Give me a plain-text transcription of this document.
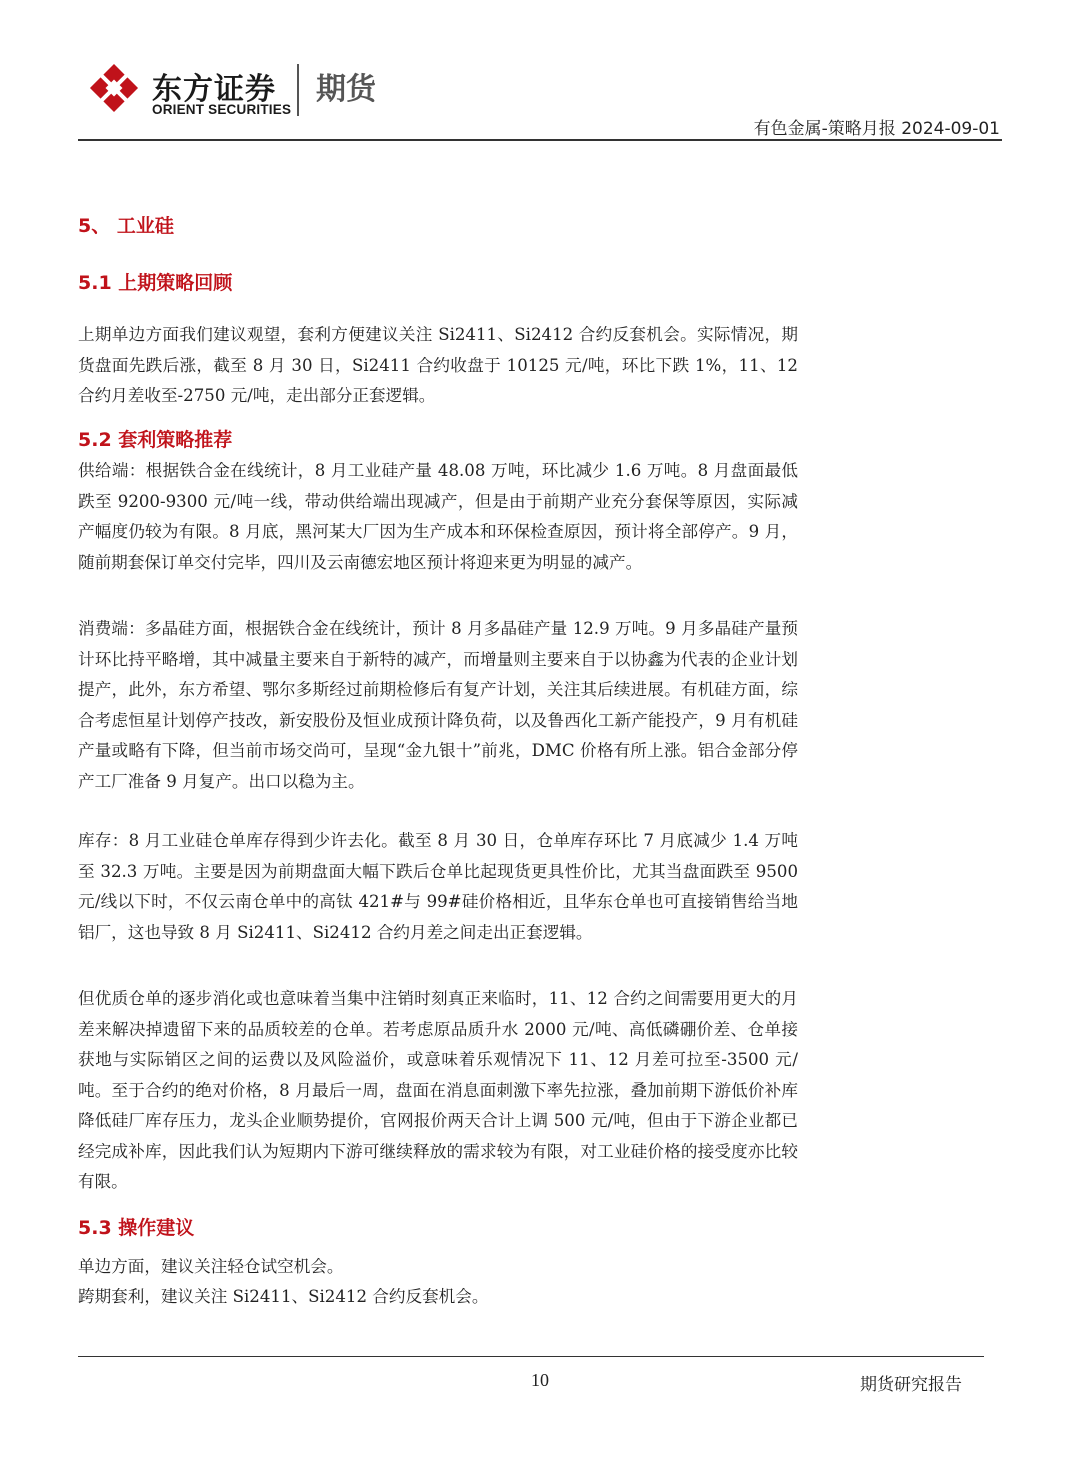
东方证券
ORIENT SECURITIES
期货
有色金属-策略月报 2024-09-01
5、 工业硅
5.1 上期策略回顾
上期单边方面我们建议观望，套利方便建议关注 Si2411、Si2412 合约反套机会。实际情况，期货盘面先跌后涨，截至 8 月 30 日，Si2411 合约收盘于 10125 元/吨，环比下跌 1%，11、12 合约月差收至-2750 元/吨，走出部分正套逻辑。
5.2 套利策略推荐
供给端：根据铁合金在线统计，8 月工业硅产量 48.08 万吨，环比减少 1.6 万吨。8 月盘面最低跌至 9200-9300 元/吨一线，带动供给端出现减产，但是由于前期产业充分套保等原因，实际减产幅度仍较为有限。8 月底，黑河某大厂因为生产成本和环保检查原因，预计将全部停产。9 月，随前期套保订单交付完毕，四川及云南德宏地区预计将迎来更为明显的减产。
消费端：多晶硅方面，根据铁合金在线统计，预计 8 月多晶硅产量 12.9 万吨。9 月多晶硅产量预计环比持平略增，其中减量主要来自于新特的减产，而增量则主要来自于以协鑫为代表的企业计划提产，此外，东方希望、鄂尔多斯经过前期检修后有复产计划，关注其后续进展。有机硅方面，综合考虑恒星计划停产技改，新安股份及恒业成预计降负荷，以及鲁西化工新产能投产，9 月有机硅产量或略有下降，但当前市场交尚可，呈现“金九银十”前兆，DMC 价格有所上涨。铝合金部分停产工厂准备 9 月复产。出口以稳为主。
库存：8 月工业硅仓单库存得到少许去化。截至 8 月 30 日，仓单库存环比 7 月底减少 1.4 万吨至 32.3 万吨。主要是因为前期盘面大幅下跌后仓单比起现货更具性价比，尤其当盘面跌至 9500 元/线以下时，不仅云南仓单中的高钛 421#与 99#硅价格相近，且华东仓单也可直接销售给当地铝厂，这也导致 8 月 Si2411、Si2412 合约月差之间走出正套逻辑。
但优质仓单的逐步消化或也意味着当集中注销时刻真正来临时，11、12 合约之间需要用更大的月差来解决掉遗留下来的品质较差的仓单。若考虑原品质升水 2000 元/吨、高低磷硼价差、仓单接获地与实际销区之间的运费以及风险溢价，或意味着乐观情况下 11、12 月差可拉至-3500 元/吨。至于合约的绝对价格，8 月最后一周，盘面在消息面刺激下率先拉涨，叠加前期下游低价补库降低硅厂库存压力，龙头企业顺势提价，官网报价两天合计上调 500 元/吨，但由于下游企业都已经完成补库，因此我们认为短期内下游可继续释放的需求较为有限，对工业硅价格的接受度亦比较有限。
5.3 操作建议
单边方面，建议关注轻仓试空机会。
跨期套利，建议关注 Si2411、Si2412 合约反套机会。
10	期货研究报告
